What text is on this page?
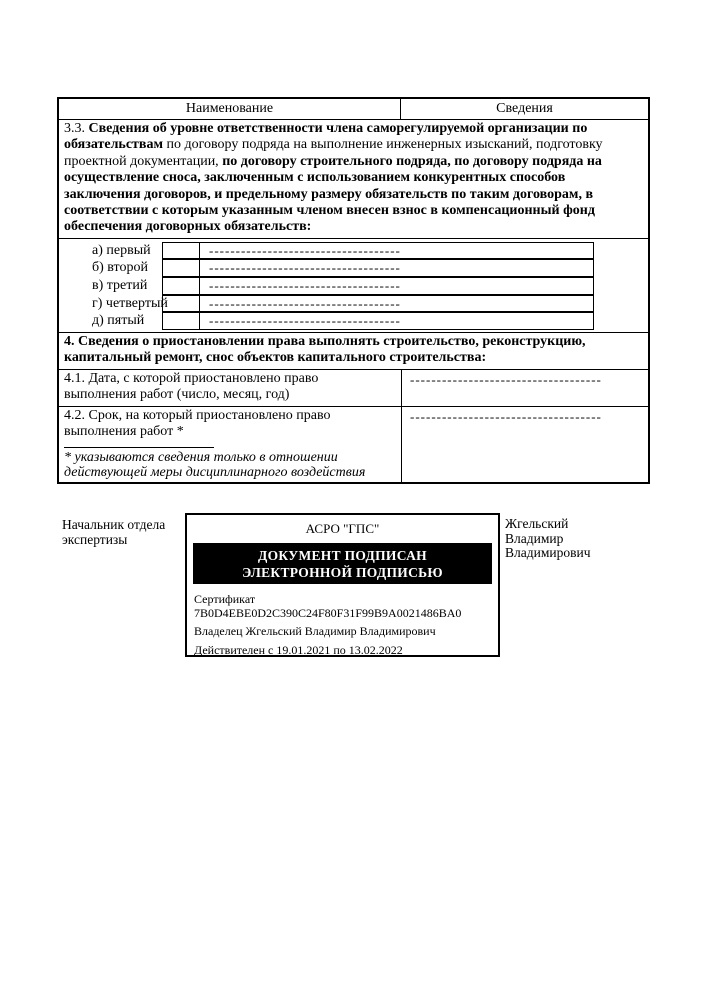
Наименование	Сведения
3.3. Сведения об уровне ответственности члена саморегулируемой организации по обязательствам по договору подряда на выполнение инженерных изысканий, подготовку проектной документации, по договору строительного подряда, по договору подряда на осуществление сноса, заключенным с использованием конкурентных способов заключения договоров, и предельному размеру обязательств по таким договорам, в соответствии с которым указанным членом внесен взнос в компенсационный фонд обеспечения договорных обязательств:
а) первый	------------------------------------
б) второй	------------------------------------
в) третий	------------------------------------
г) четвертый	------------------------------------
д) пятый	------------------------------------
4. Сведения о приостановлении права выполнять строительство, реконструкцию, капитальный ремонт, снос объектов капитального строительства:
4.1. Дата, с которой приостановлено право выполнения работ (число, месяц, год)
------------------------------------
4.2. Срок, на который приостановлено право выполнения работ *
* указываются сведения только в отношении действующей меры дисциплинарного воздействия
------------------------------------
Начальник отдела экспертизы
АСРО "ГПС"
ДОКУМЕНТ ПОДПИСАН ЭЛЕКТРОННОЙ ПОДПИСЬЮ
Сертификат
7B0D4EBE0D2C390C24F80F31F99B9A0021486BA0
Владелец Жгельский Владимир Владимирович
Действителен с 19.01.2021 по 13.02.2022
Жгельский Владимир Владимирович
